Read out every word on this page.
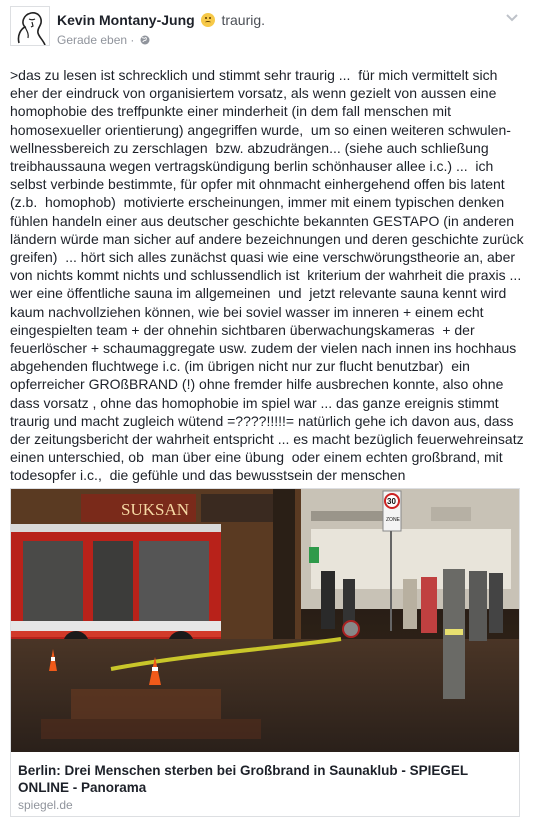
Kevin Montany-Jung traurig.
Gerade eben ·
>das zu lesen ist schrecklich und stimmt sehr traurig ...  für mich vermittelt sich eher der eindruck von organisiertem vorsatz, als wenn gezielt von aussen eine homophobie des treffpunkte einer minderheit (in dem fall menschen mit homosexueller orientierung) angegriffen wurde,  um so einen weiteren schwulen-wellnessbereich zu zerschlagen  bzw. abzudrängen... (siehe auch schließung treibhaussauna wegen vertragskündigung berlin schönhauser allee i.c.) ...  ich selbst verbinde bestimmte, für opfer mit ohnmacht einhergehend offen bis latent (z.b.  homophob)  motivierte erscheinungen, immer mit einem typischen denken fühlen handeln einer aus deutscher geschichte bekannten GESTAPO (in anderen ländern würde man sicher auf andere bezeichnungen und deren geschichte zurück greifen)  ... hört sich alles zunächst quasi wie eine verschwörungstheorie an, aber von nichts kommt nichts und schlussendlich ist  kriterium der wahrheit die praxis ... wer eine öffentliche sauna im allgemeinen  und  jetzt relevante sauna kennt wird kaum nachvollziehen können, wie bei soviel wasser im inneren + einem echt eingespielten team + der ohnehin sichtbaren überwachungskameras  + der feuerlöscher + schaumaggregate usw. zudem der vielen nach innen ins hochhaus abgehenden fluchtwege i.c. (im übrigen nicht nur zur flucht benutzbar)  ein opferreicher GROßBRAND (!) ohne fremder hilfe ausbrechen konnte, also ohne dass vorsatz , ohne das homophobie im spiel war ... das ganze ereignis stimmt traurig und macht zugleich wütend =????!!!!!= natürlich gehe ich davon aus, dass der zeitungsbericht der wahrheit entspricht ... es macht bezüglich feuerwehreinsatz einen unterschied, ob  man über eine übung  oder einem echten großbrand, mit todesopfer i.c.,  die gefühle und das bewusstsein der menschen
SUKSAN	30
ZONE
Berlin: Drei Menschen sterben bei Großbrand in Saunaklub - SPIEGEL ONLINE - Panorama
spiegel.de
